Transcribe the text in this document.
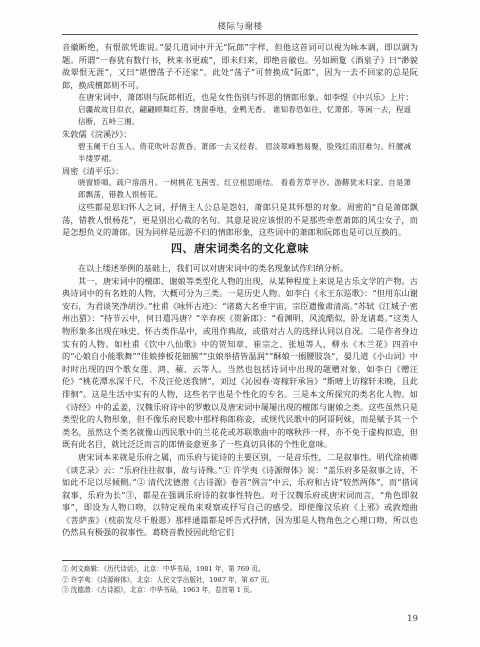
楼际与谢楼

音徽断绝，有恨欲凭谁说。”晏几道词中开无“阮郎”字样，但他这首词可以视为咏本调，即以调为题。所谓“一春犹有数行书，秋来书更疏”，即未归来，即绝音徽也。另如顾夐《酒泉子》曰“渺貌故翠恨无涯”，又曰“堪憎荡子不还家”。此处“荡子”可替换成“阮郎”，因为一去不回家的总是阮郎，换成檀郎则不可。

在唐宋词中，萧郎则与阮郎相近，也是女性伤别与怀思的情郎形象。如李煜《中兴乐》上片：

启疆故故目似衣，翩翩顾舞红苔。绣窗垂地，金鸭无香。 谁知春恐如往，忆萧郎。等闲一去，程遥信断，五岭三湘。

朱敦儒《浣溪沙》：

碧玉阑干白玉人。倚花吹叶忍黄昏。萧郎一去又经春。 眉淡翠峰愁易聚，脸残红雨泪难匀。纤腰减半缕罗裙。

周密《清平乐》：

晓窗娇嗔。疏户溶溶月。一树桃花飞茜雪。红豆相思暗结。 看看芳草平沙。游鞯犹未归家。自是萧郎飘荡，错教人恨杨花。

这些都是思妇怀人之词，抒情主人公总是怨妇，萧郎只是其怀想的对象。周密的“自是萧郎飘荡，错教人恨杨花”，更是别出心裁的名句。其意是说应该恨的不是那些牵惹萧郎的风尘女子，而是怎想负义的萧郎。因为同样是远游不归的情郎形象，这些词中的萧郎和阮郎也是可以互换的。

四、唐宋词类名的文化意味

在以上缕述举例的基础上，我们可以对唐宋词中的类名现象试作归纳分析。

其一，唐宋词中的檀郎、谢娘等类型化人物的出现，从某种程度上来说是古乐文学的产物。古典诗词中的有名姓的人物，大概可分为三类。一是历史人物。如李白《永王东巡歌》：“但用东山谢安石，为君谈笑净胡沙。”杜甫《咏怀古迹》：“诸葛大名垂宇宙，宗臣遗像肃清高。”苏轼《江城子·密州出猎》：“持节云中，何日遣冯唐？”辛弃疾《贺新郎》：“看渊明，风流酷似，卧龙诸葛。”这类人物形象多出现在咏史、怀古类作品中，或用作典故，或借对古人的选择认同以自况。二是作者身边实有的人物。如杜甫《饮中八仙歌》中的贺知章、崔宗之、张旭等人，柳永《木兰花》四首中的“心娘自小能歌舞”“佳娘捧板花钿簇”“虫娘举措皆温润”“酥娘一搦腰肢袅”，晏几道《小山词》中时时出现的四个歌女莲、鸿、蘋、云等人。当然也包括诗词中出现的题赠对象，如李白《赠汪伦》“桃花潭水深千尺，不及汪伦送我情”，刘过《沁园春·寄稼轩承旨》“斯晴上访稼轩未晚，且此徘徊”。这是生活中实有的人物，这些名字也是个性化的专名。三是本文所探究的类名化人物。如《诗经》中的孟姜，汉魏乐府诗中的罗敷以及唐宋词中屡屡出现的檀郎与谢娘之类。这些虽然只是类型化的人物形象，但不像乐府民歌中那样称郎称妾，或规代民歌中的阿哥阿妹，而是赋予其一个类名，虽然这个类名就像山西民歌中的兰花花或苏联歌曲中的喀秋莎一样，亦不免于虚构拟造，但既有此名目，就比泛泛而言的郎情妾意更多了一些真切具体的个性化意味。

唐宋词本来就是乐府之属，而乐府与徒诗的主要区别，一是音乐性，二是叙事性。明代徐祯卿《谈艺录》云：“乐府往往叙事，故与诗殊。”① 许学夷《诗源辩体》说：“盖乐府多是叙事之诗，不如此不足以尽倾侧。”② 清代沈德潜《古诗源》卷首“例言”中云，乐府和古诗“较然两体”，而“措词叙事，乐府为长”③，都是在强调乐府诗的叙事性特色。对于汉魏乐府或唐宋词而言，“角色即叙事”，即设为人物口吻，以特定视角来观察或抒写自己的感受。即使像汉乐府《上邪》或敦煌曲《菩萨蛮》（枕前发尽千般愿）那样通篇都是呼告式抒情，因为那是人物角色之心理口吻，所以也仍然具有极强的叙事性。葛晓音教授因此给它们

① 何文焕辑：《历代诗话》，北京：中华书局，1981 年，第 769 页。

② 许学夷：《诗源辩体》，北京：人民文学出版社，1987 年，第 67 页。

③ 沈德潜：《古诗源》，北京：中华书局，1963 年，卷首第 1 页。

19
